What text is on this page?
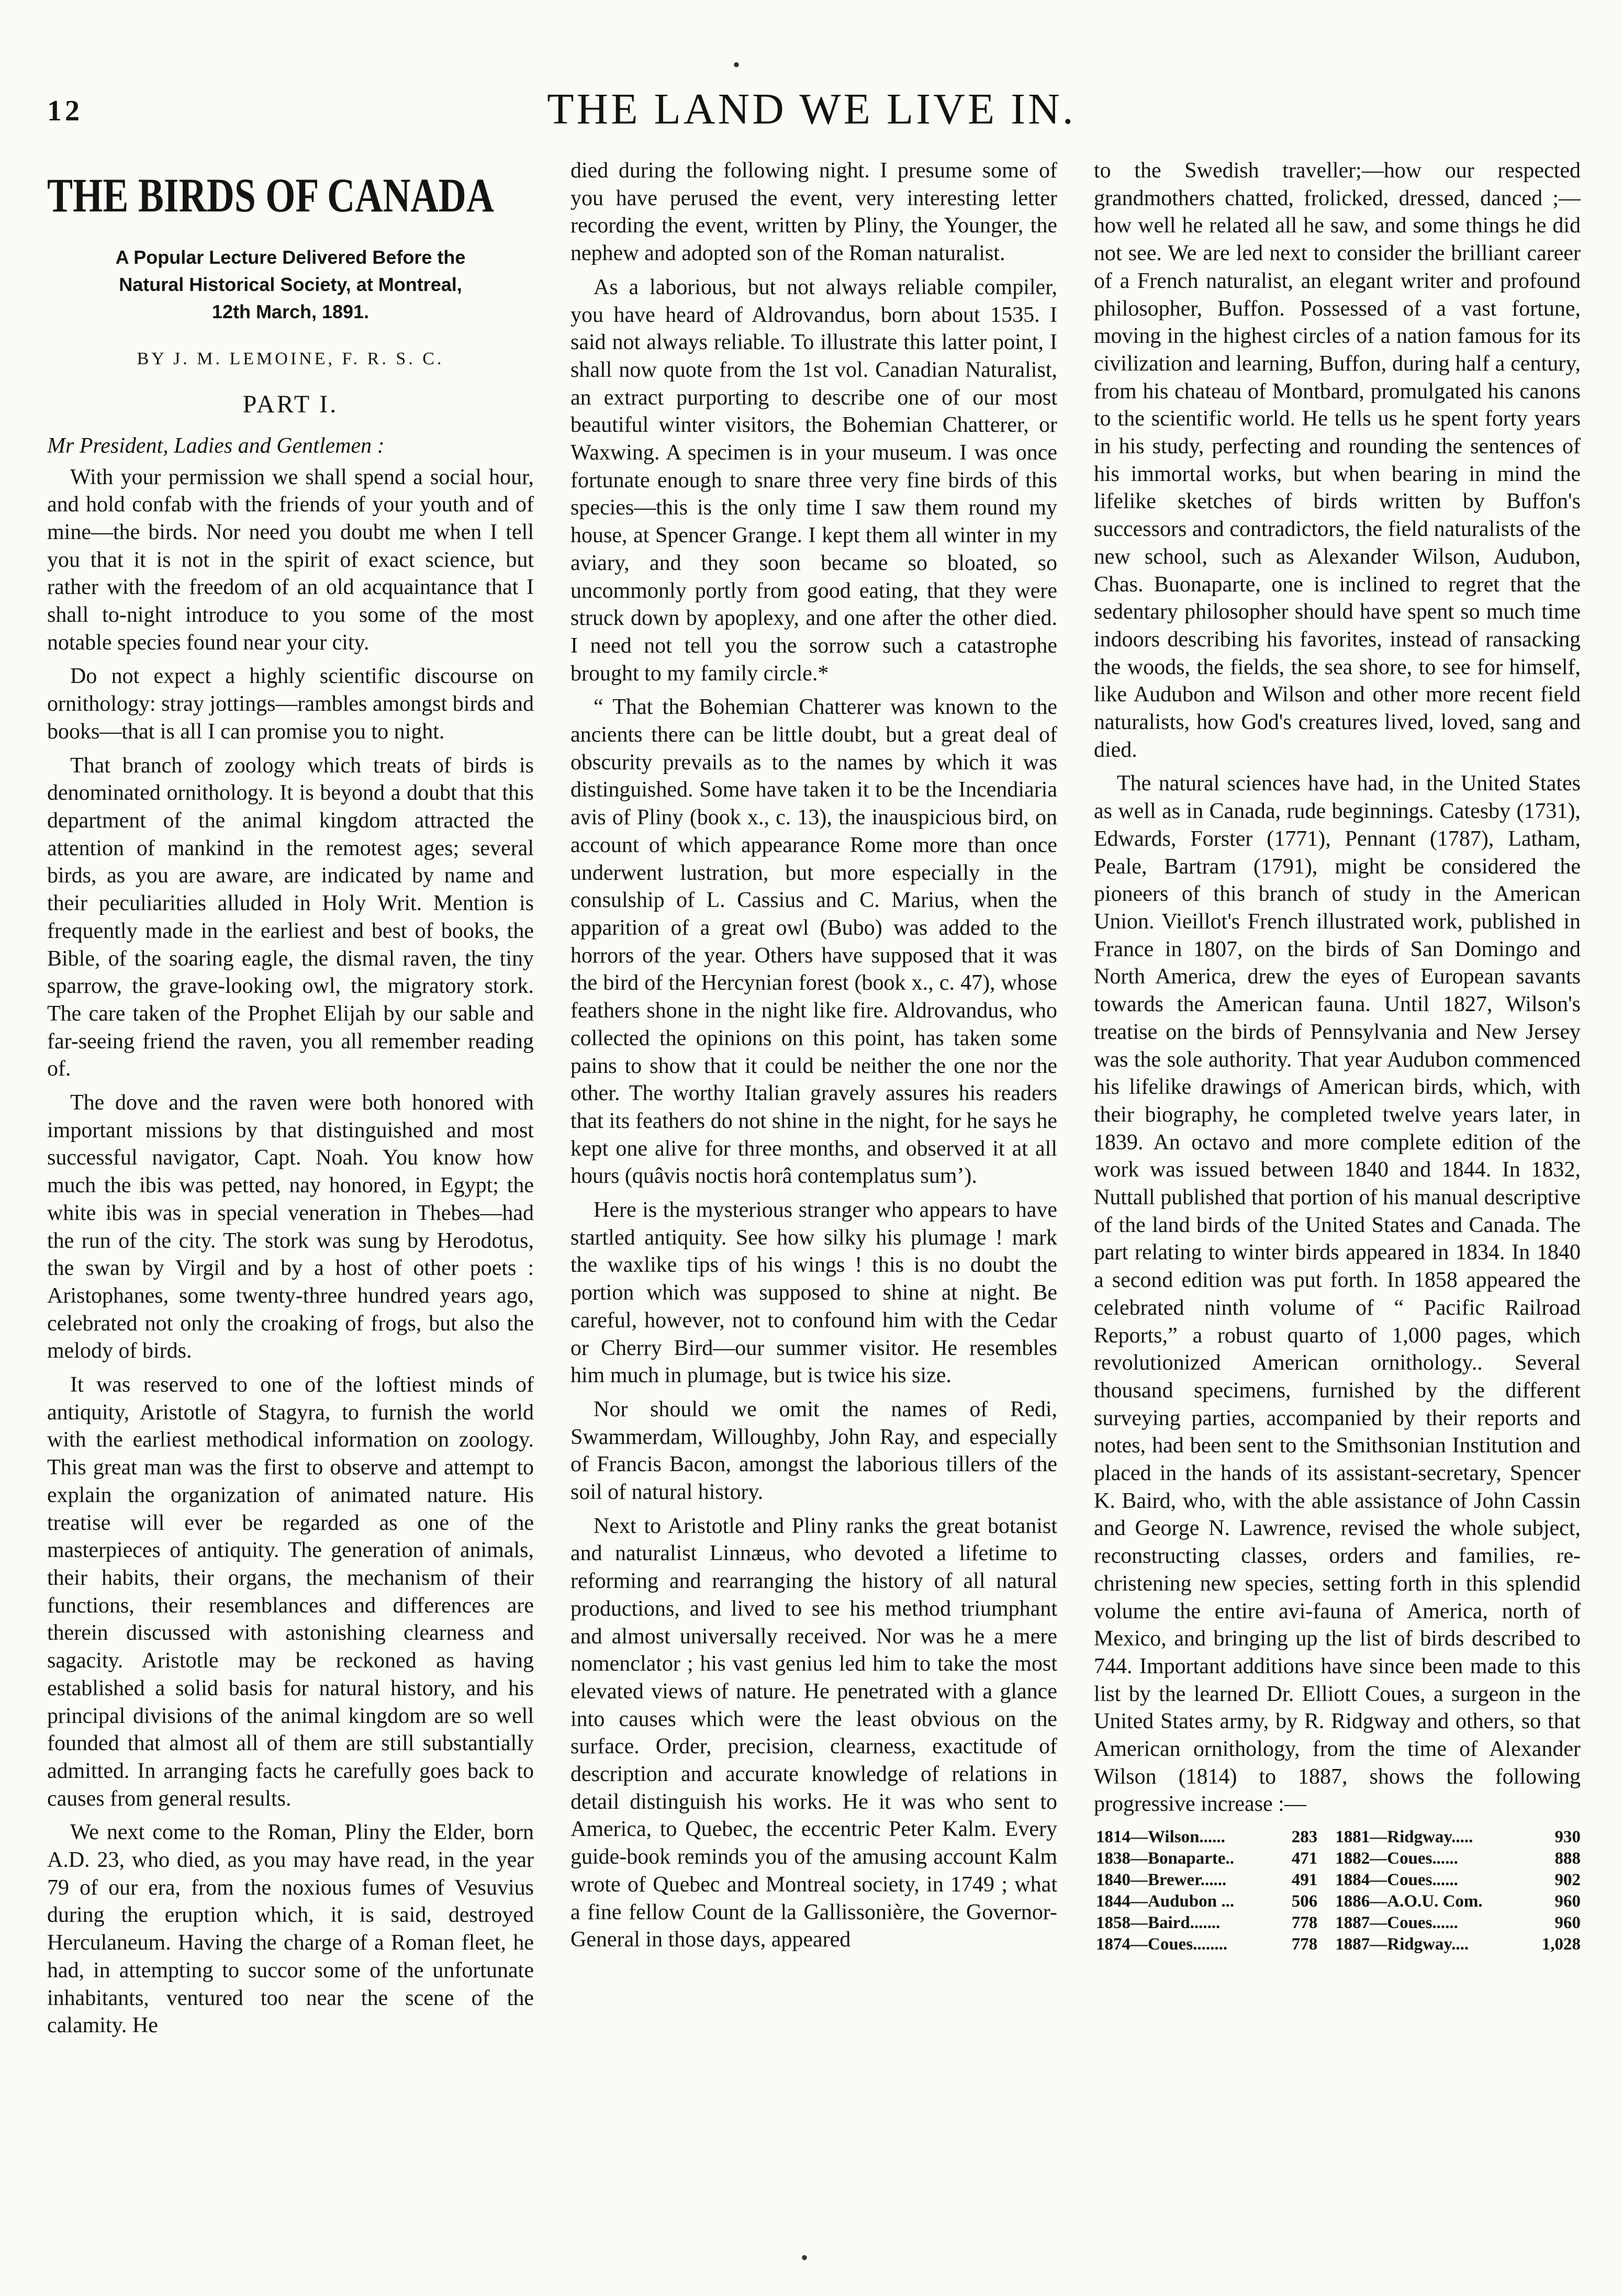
12	THE LAND WE LIVE IN.
THE BIRDS OF CANADA
A Popular Lecture Delivered Before the
Natural Historical Society, at Montreal,
12th March, 1891.
BY J. M. LEMOINE, F. R. S. C.
PART I.
Mr President, Ladies and Gentlemen :

With your permission we shall spend a social hour, and hold confab with the friends of your youth and of mine—the birds. Nor need you doubt me when I tell you that it is not in the spirit of exact science, but rather with the freedom of an old acquaintance that I shall to-night introduce to you some of the most notable species found near your city.

Do not expect a highly scientific discourse on ornithology: stray jottings—rambles amongst birds and books—that is all I can promise you to night.

That branch of zoology which treats of birds is denominated ornithology. It is beyond a doubt that this department of the animal kingdom attracted the attention of mankind in the remotest ages; several birds, as you are aware, are indicated by name and their peculiarities alluded in Holy Writ. Mention is frequently made in the earliest and best of books, the Bible, of the soaring eagle, the dismal raven, the tiny sparrow, the grave-looking owl, the migratory stork. The care taken of the Prophet Elijah by our sable and far-seeing friend the raven, you all remember reading of.

The dove and the raven were both honored with important missions by that distinguished and most successful navigator, Capt. Noah. You know how much the ibis was petted, nay honored, in Egypt; the white ibis was in special veneration in Thebes—had the run of the city. The stork was sung by Herodotus, the swan by Virgil and by a host of other poets : Aristophanes, some twenty-three hundred years ago, celebrated not only the croaking of frogs, but also the melody of birds.

It was reserved to one of the loftiest minds of antiquity, Aristotle of Stagyra, to furnish the world with the earliest methodical information on zoology. This great man was the first to observe and attempt to explain the organization of animated nature. His treatise will ever be regarded as one of the masterpieces of antiquity. The generation of animals, their habits, their organs, the mechanism of their functions, their resemblances and differences are therein discussed with astonishing clearness and sagacity. Aristotle may be reckoned as having established a solid basis for natural history, and his principal divisions of the animal kingdom are so well founded that almost all of them are still substantially admitted. In arranging facts he carefully goes back to causes from general results.

We next come to the Roman, Pliny the Elder, born A.D. 23, who died, as you may have read, in the year 79 of our era, from the noxious fumes of Vesuvius during the eruption which, it is said, destroyed Herculaneum. Having the charge of a Roman fleet, he had, in attempting to succor some of the unfortunate inhabitants, ventured too near the scene of the calamity. He

died during the following night. I presume some of you have perused the event, very interesting letter recording the event, written by Pliny, the Younger, the nephew and adopted son of the Roman naturalist.

As a laborious, but not always reliable compiler, you have heard of Aldrovandus, born about 1535. I said not always reliable. To illustrate this latter point, I shall now quote from the 1st vol. Canadian Naturalist, an extract purporting to describe one of our most beautiful winter visitors, the Bohemian Chatterer, or Waxwing. A specimen is in your museum. I was once fortunate enough to snare three very fine birds of this species—this is the only time I saw them round my house, at Spencer Grange. I kept them all winter in my aviary, and they soon became so bloated, so uncommonly portly from good eating, that they were struck down by apoplexy, and one after the other died. I need not tell you the sorrow such a catastrophe brought to my family circle.*

“ That the Bohemian Chatterer was known to the ancients there can be little doubt, but a great deal of obscurity prevails as to the names by which it was distinguished. Some have taken it to be the Incendiaria avis of Pliny (book x., c. 13), the inauspicious bird, on account of which appearance Rome more than once underwent lustration, but more especially in the consulship of L. Cassius and C. Marius, when the apparition of a great owl (Bubo) was added to the horrors of the year. Others have supposed that it was the bird of the Hercynian forest (book x., c. 47), whose feathers shone in the night like fire. Aldrovandus, who collected the opinions on this point, has taken some pains to show that it could be neither the one nor the other. The worthy Italian gravely assures his readers that its feathers do not shine in the night, for he says he kept one alive for three months, and observed it at all hours (quâvis noctis horâ contemplatus sum’).

Here is the mysterious stranger who appears to have startled antiquity. See how silky his plumage ! mark the waxlike tips of his wings ! this is no doubt the portion which was supposed to shine at night. Be careful, however, not to confound him with the Cedar or Cherry Bird—our summer visitor. He resembles him much in plumage, but is twice his size.

Nor should we omit the names of Redi, Swammerdam, Willoughby, John Ray, and especially of Francis Bacon, amongst the laborious tillers of the soil of natural history.

Next to Aristotle and Pliny ranks the great botanist and naturalist Linnæus, who devoted a lifetime to reforming and rearranging the history of all natural productions, and lived to see his method triumphant and almost universally received. Nor was he a mere nomenclator ; his vast genius led him to take the most elevated views of nature. He penetrated with a glance into causes which were the least obvious on the surface. Order, precision, clearness, exactitude of description and accurate knowledge of relations in detail distinguish his works. He it was who sent to America, to Quebec, the eccentric Peter Kalm. Every guide-book reminds you of the amusing account Kalm wrote of Quebec and Montreal society, in 1749 ; what a fine fellow Count de la Gallissonière, the Governor-General in those days, appeared

to the Swedish traveller;—how our respected grandmothers chatted, frolicked, dressed, danced ;—how well he related all he saw, and some things he did not see. We are led next to consider the brilliant career of a French naturalist, an elegant writer and profound philosopher, Buffon. Possessed of a vast fortune, moving in the highest circles of a nation famous for its civilization and learning, Buffon, during half a century, from his chateau of Montbard, promulgated his canons to the scientific world. He tells us he spent forty years in his study, perfecting and rounding the sentences of his immortal works, but when bearing in mind the lifelike sketches of birds written by Buffon's successors and contradictors, the field naturalists of the new school, such as Alexander Wilson, Audubon, Chas. Buonaparte, one is inclined to regret that the sedentary philosopher should have spent so much time indoors describing his favorites, instead of ransacking the woods, the fields, the sea shore, to see for himself, like Audubon and Wilson and other more recent field naturalists, how God's creatures lived, loved, sang and died.

The natural sciences have had, in the United States as well as in Canada, rude beginnings. Catesby (1731), Edwards, Forster (1771), Pennant (1787), Latham, Peale, Bartram (1791), might be considered the pioneers of this branch of study in the American Union. Vieillot's French illustrated work, published in France in 1807, on the birds of San Domingo and North America, drew the eyes of European savants towards the American fauna. Until 1827, Wilson's treatise on the birds of Pennsylvania and New Jersey was the sole authority. That year Audubon commenced his lifelike drawings of American birds, which, with their biography, he completed twelve years later, in 1839. An octavo and more complete edition of the work was issued between 1840 and 1844. In 1832, Nuttall published that portion of his manual descriptive of the land birds of the United States and Canada. The part relating to winter birds appeared in 1834. In 1840 a second edition was put forth. In 1858 appeared the celebrated ninth volume of “ Pacific Railroad Reports,” a robust quarto of 1,000 pages, which revolutionized American ornithology.. Several thousand specimens, furnished by the different surveying parties, accompanied by their reports and notes, had been sent to the Smithsonian Institution and placed in the hands of its assistant-secretary, Spencer K. Baird, who, with the able assistance of John Cassin and George N. Lawrence, revised the whole subject, reconstructing classes, orders and families, re-christening new species, setting forth in this splendid volume the entire avi-fauna of America, north of Mexico, and bringing up the list of birds described to 744. Important additions have since been made to this list by the learned Dr. Elliott Coues, a surgeon in the United States army, by R. Ridgway and others, so that American ornithology, from the time of Alexander Wilson (1814) to 1887, shows the following progressive increase :—

1814—Wilson......	283	1881—Ridgway.....	930
1838—Bonaparte..	471	1882—Coues......	888
1840—Brewer......	491	1884—Coues......	902
1844—Audubon ...	506	1886—A.O.U. Com.	960
1858—Baird.......	778	1887—Coues......	960
1874—Coues........	778	1887—Ridgway....	1,028
•
•
